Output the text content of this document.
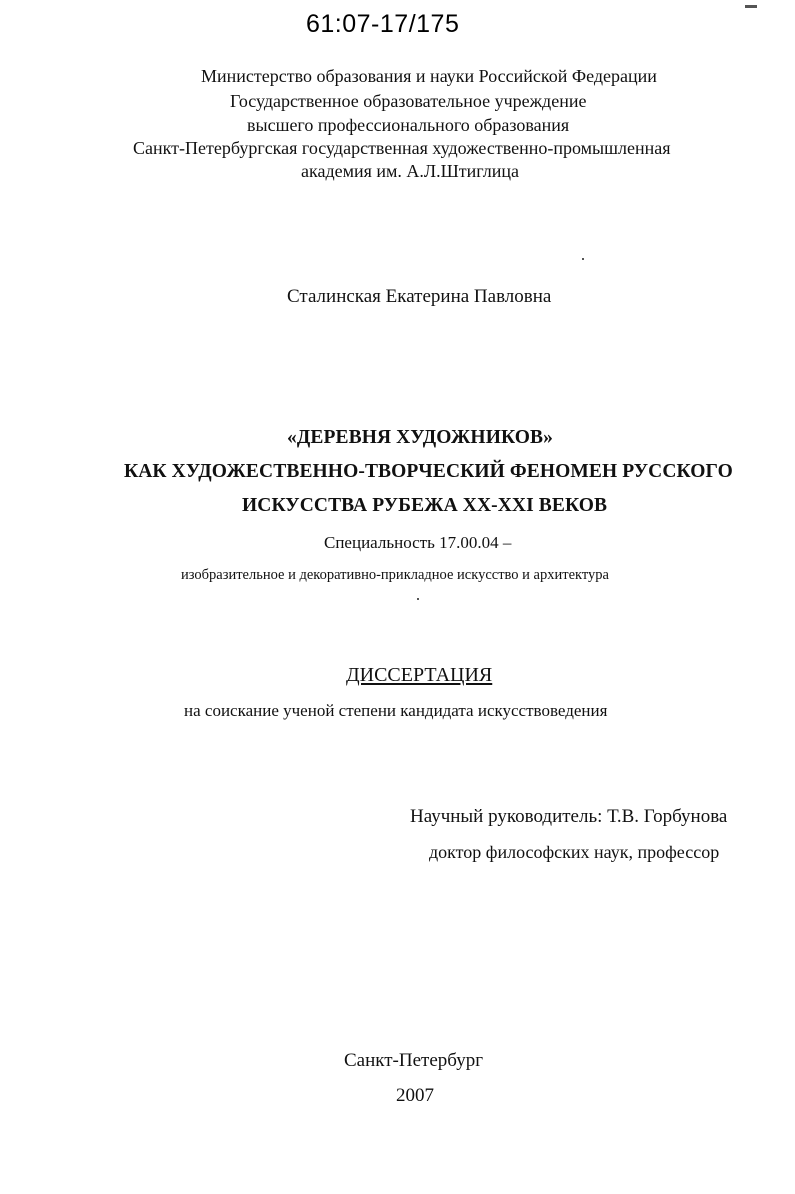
61:07-17/175
Министерство образования и науки Российской Федерации
Государственное образовательное учреждение
высшего профессионального образования
Санкт-Петербургская государственная художественно-промышленная
академия им. А.Л.Штиглица
Сталинская Екатерина Павловна
«ДЕРЕВНЯ ХУДОЖНИКОВ»
КАК ХУДОЖЕСТВЕННО-ТВОРЧЕСКИЙ ФЕНОМЕН РУССКОГО
ИСКУССТВА РУБЕЖА XX-XXI ВЕКОВ
Специальность 17.00.04 –
изобразительное и декоративно-прикладное искусство и архитектура
ДИССЕРТАЦИЯ
на соискание ученой степени кандидата искусствоведения
Научный руководитель: Т.В. Горбунова
доктор философских наук, профессор
Санкт-Петербург
2007
